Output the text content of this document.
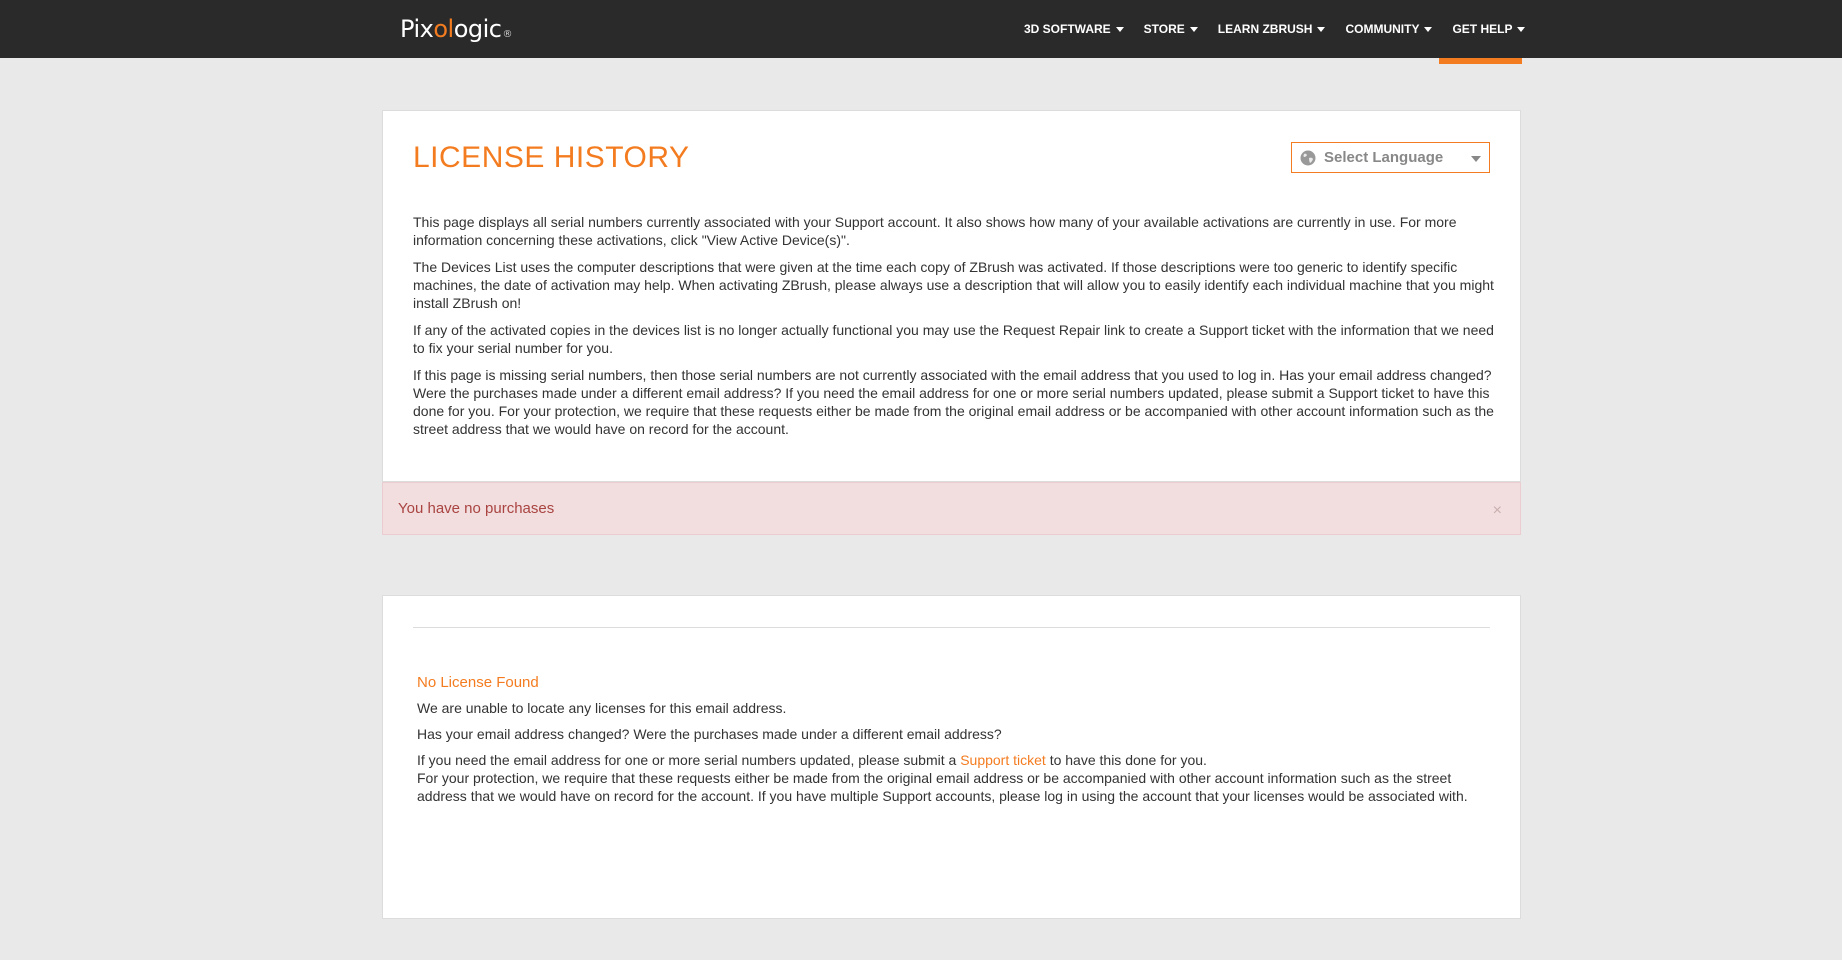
Pix ol ogic ®	3D SOFTWARE	STORE	LEARN ZBRUSH	COMMUNITY	GET HELP
LICENSE HISTORY	Select Language

This page displays all serial numbers currently associated with your Support account. It also shows how many of your available activations are currently in use. For more information concerning these activations, click "View Active Device(s)".

The Devices List uses the computer descriptions that were given at the time each copy of ZBrush was activated. If those descriptions were too generic to identify specific machines, the date of activation may help. When activating ZBrush, please always use a description that will allow you to easily identify each individual machine that you might install ZBrush on!

If any of the activated copies in the devices list is no longer actually functional you may use the Request Repair link to create a Support ticket with the information that we need to fix your serial number for you.

If this page is missing serial numbers, then those serial numbers are not currently associated with the email address that you used to log in. Has your email address changed? Were the purchases made under a different email address? If you need the email address for one or more serial numbers updated, please submit a Support ticket to have this done for you. For your protection, we require that these requests either be made from the original email address or be accompanied with other account information such as the street address that we would have on record for the account.

You have no purchases	×
No License Found

We are unable to locate any licenses for this email address.

Has your email address changed? Were the purchases made under a different email address?

If you need the email address for one or more serial numbers updated, please submit a Support ticket to have this done for you.

For your protection, we require that these requests either be made from the original email address or be accompanied with other account information such as the street address that we would have on record for the account. If you have multiple Support accounts, please log in using the account that your licenses would be associated with.
